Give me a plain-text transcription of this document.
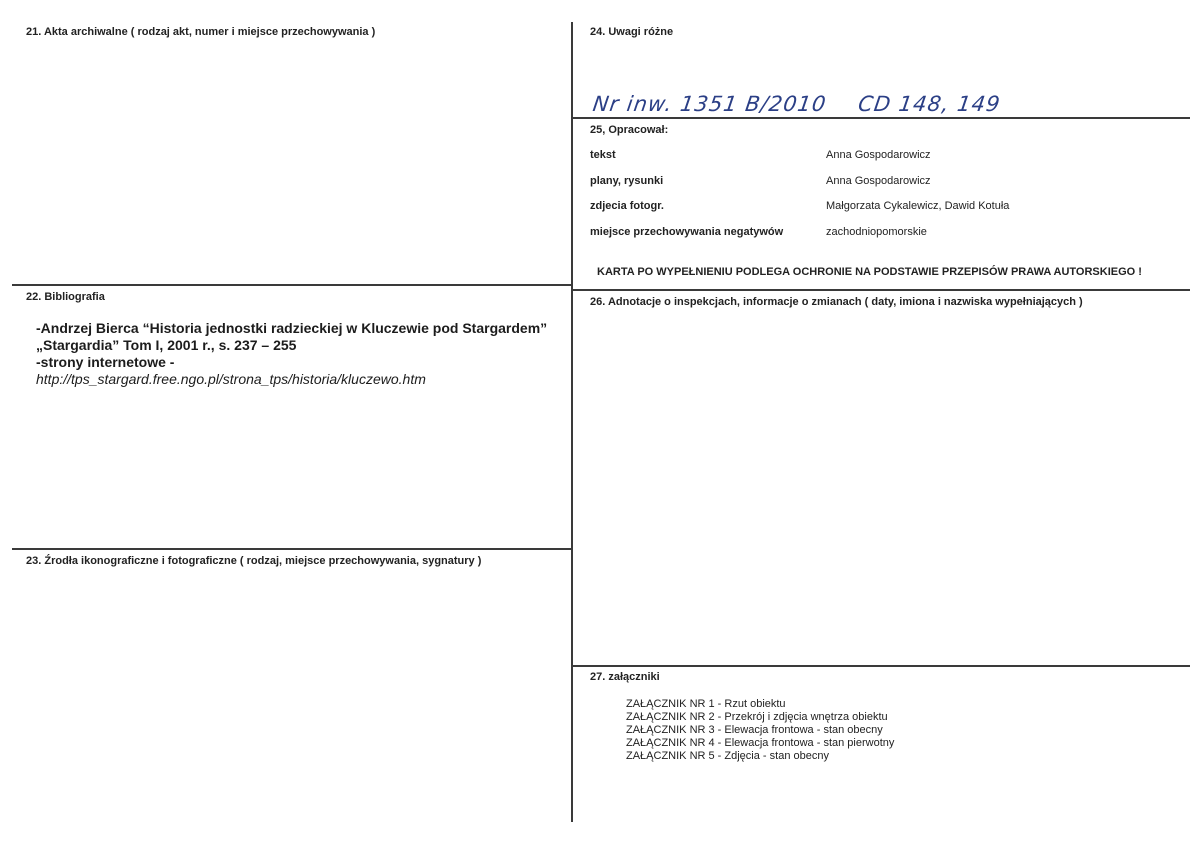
21. Akta archiwalne ( rodzaj akt, numer i miejsce przechowywania )
22. Bibliografia
-Andrzej Bierca “Historia jednostki radzieckiej w Kluczewie pod Stargardem”
„Stargardia” Tom I, 2001 r., s. 237 – 255
-strony internetowe -
http://tps_stargard.free.ngo.pl/strona_tps/historia/kluczewo.htm
23. Źrodła ikonograficzne i fotograficzne ( rodzaj, miejsce przechowywania, sygnatury )
24. Uwagi różne
Nr inw. 1351 B/2010 CD 148, 149
25, Opracował:
tekst	Anna Gospodarowicz
plany, rysunki	Anna Gospodarowicz
zdjecia fotogr.	Małgorzata Cykalewicz, Dawid Kotuła
miejsce przechowywania negatywów	zachodniopomorskie
KARTA PO WYPEŁNIENIU PODLEGA OCHRONIE NA PODSTAWIE PRZEPISÓW PRAWA AUTORSKIEGO !
26. Adnotacje o inspekcjach, informacje o zmianach ( daty, imiona i nazwiska wypełniających )
27. załączniki
ZAŁĄCZNIK NR 1 - Rzut obiektu
ZAŁĄCZNIK NR 2 - Przekrój i zdjęcia wnętrza obiektu
ZAŁĄCZNIK NR 3 - Elewacja frontowa - stan obecny
ZAŁĄCZNIK NR 4 - Elewacja frontowa - stan pierwotny
ZAŁĄCZNIK NR 5 - Zdjęcia - stan obecny
